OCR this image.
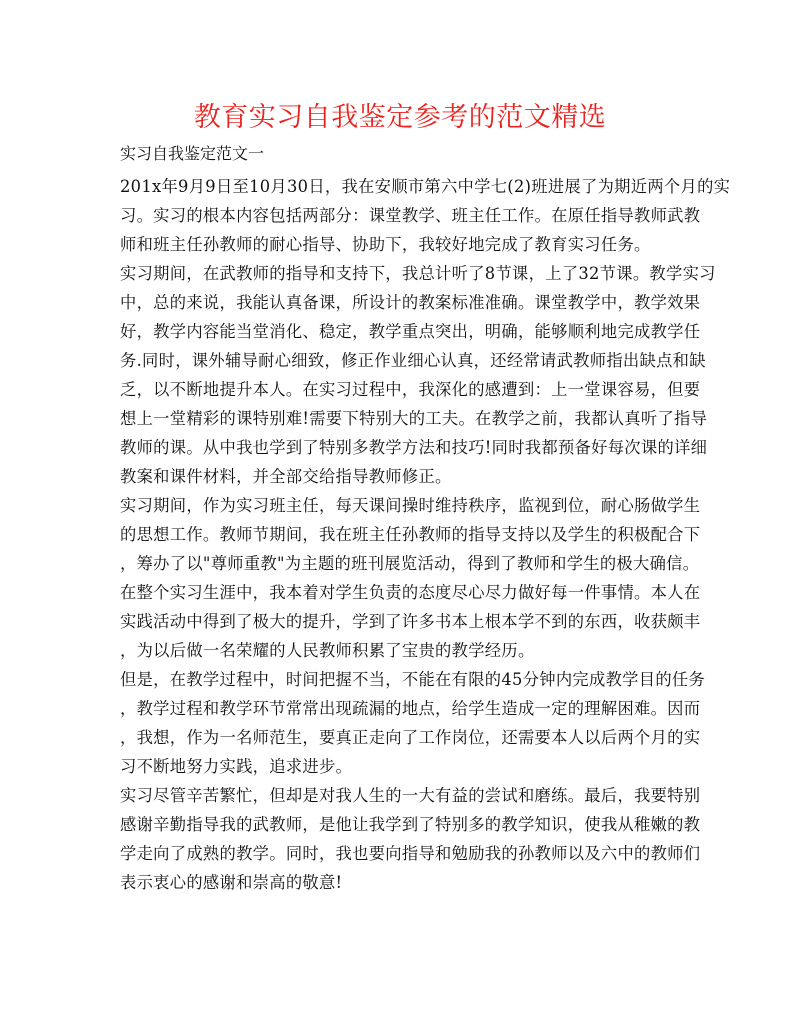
教育实习自我鉴定参考的范文精选

实习自我鉴定范文一

201x年9月9日至10月30日，我在安顺市第六中学七(2)班进展了为期近两个月的实
习。实习的根本内容包括两部分：课堂教学、班主任工作。在原任指导教师武教
师和班主任孙教师的耐心指导、协助下，我较好地完成了教育实习任务。
实习期间，在武教师的指导和支持下，我总计听了8节课，上了32节课。教学实习
中，总的来说，我能认真备课，所设计的教案标准准确。课堂教学中，教学效果
好，教学内容能当堂消化、稳定，教学重点突出，明确，能够顺利地完成教学任
务.同时，课外辅导耐心细致，修正作业细心认真，还经常请武教师指出缺点和缺
乏，以不断地提升本人。在实习过程中，我深化的感遭到：上一堂课容易，但要
想上一堂精彩的课特别难!需要下特别大的工夫。在教学之前，我都认真听了指导
教师的课。从中我也学到了特别多教学方法和技巧!同时我都预备好每次课的详细
教案和课件材料，并全部交给指导教师修正。
实习期间，作为实习班主任，每天课间操时维持秩序，监视到位，耐心肠做学生
的思想工作。教师节期间，我在班主任孙教师的指导支持以及学生的积极配合下
，筹办了以"尊师重教"为主题的班刊展览活动，得到了教师和学生的极大确信。
在整个实习生涯中，我本着对学生负责的态度尽心尽力做好每一件事情。本人在
实践活动中得到了极大的提升，学到了许多书本上根本学不到的东西，收获颇丰
，为以后做一名荣耀的人民教师积累了宝贵的教学经历。
但是，在教学过程中，时间把握不当，不能在有限的45分钟内完成教学目的任务
，教学过程和教学环节常常出现疏漏的地点，给学生造成一定的理解困难。因而
，我想，作为一名师范生，要真正走向了工作岗位，还需要本人以后两个月的实
习不断地努力实践，追求进步。
实习尽管辛苦繁忙，但却是对我人生的一大有益的尝试和磨练。最后，我要特别
感谢辛勤指导我的武教师，是他让我学到了特别多的教学知识，使我从稚嫩的教
学走向了成熟的教学。同时，我也要向指导和勉励我的孙教师以及六中的教师们
表示衷心的感谢和崇高的敬意!
